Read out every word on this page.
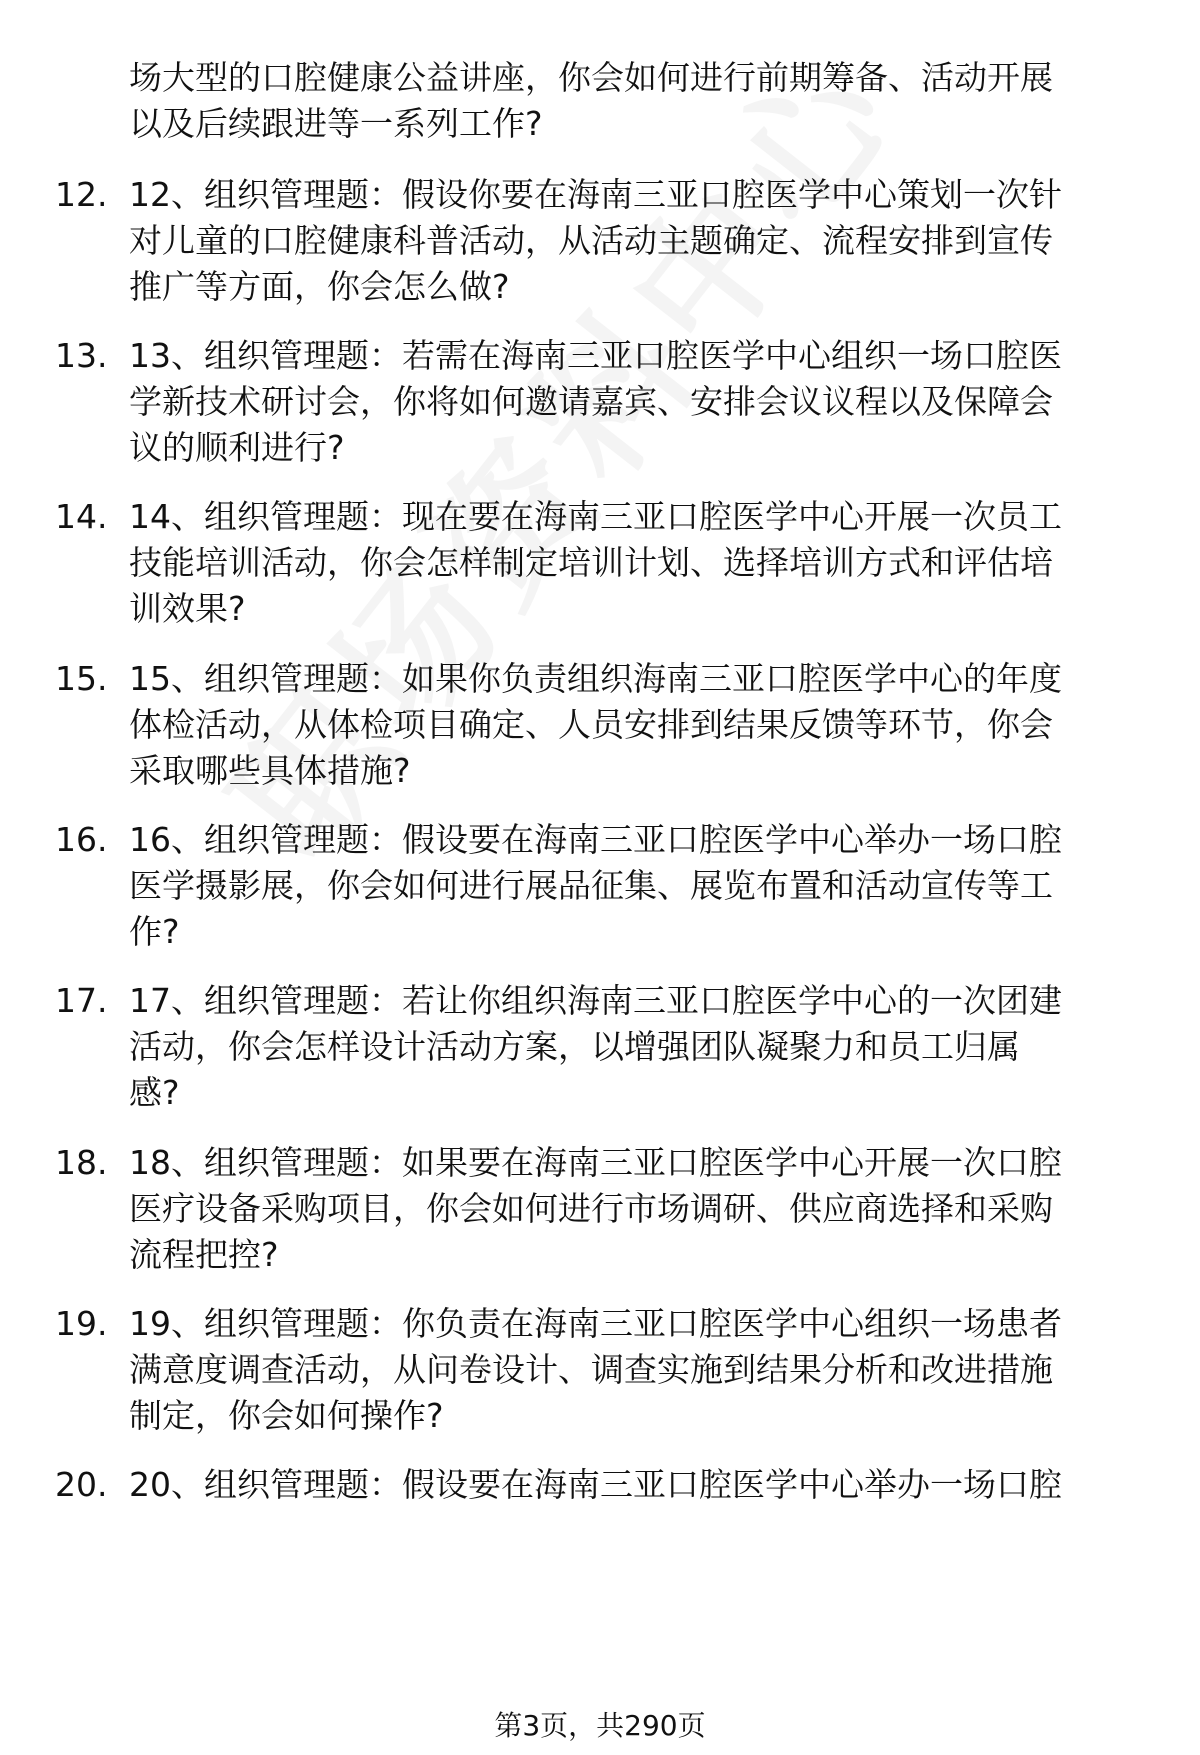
场大型的口腔健康公益讲座，你会如何进行前期筹备、活动开展
以及后续跟进等一系列工作?
12. 12、组织管理题：假设你要在海南三亚口腔医学中心策划一次针
对儿童的口腔健康科普活动，从活动主题确定、流程安排到宣传
推广等方面，你会怎么做?
13. 13、组织管理题：若需在海南三亚口腔医学中心组织一场口腔医
学新技术研讨会，你将如何邀请嘉宾、安排会议议程以及保障会
议的顺利进行?
14. 14、组织管理题：现在要在海南三亚口腔医学中心开展一次员工
技能培训活动，你会怎样制定培训计划、选择培训方式和评估培
训效果?
15. 15、组织管理题：如果你负责组织海南三亚口腔医学中心的年度
体检活动，从体检项目确定、人员安排到结果反馈等环节，你会
采取哪些具体措施?
16. 16、组织管理题：假设要在海南三亚口腔医学中心举办一场口腔
医学摄影展，你会如何进行展品征集、展览布置和活动宣传等工
作?
17. 17、组织管理题：若让你组织海南三亚口腔医学中心的一次团建
活动，你会怎样设计活动方案，以增强团队凝聚力和员工归属
感?
18. 18、组织管理题：如果要在海南三亚口腔医学中心开展一次口腔
医疗设备采购项目，你会如何进行市场调研、供应商选择和采购
流程把控?
19. 19、组织管理题：你负责在海南三亚口腔医学中心组织一场患者
满意度调查活动，从问卷设计、调查实施到结果分析和改进措施
制定，你会如何操作?
20. 20、组织管理题：假设要在海南三亚口腔医学中心举办一场口腔
第3页，共290页
